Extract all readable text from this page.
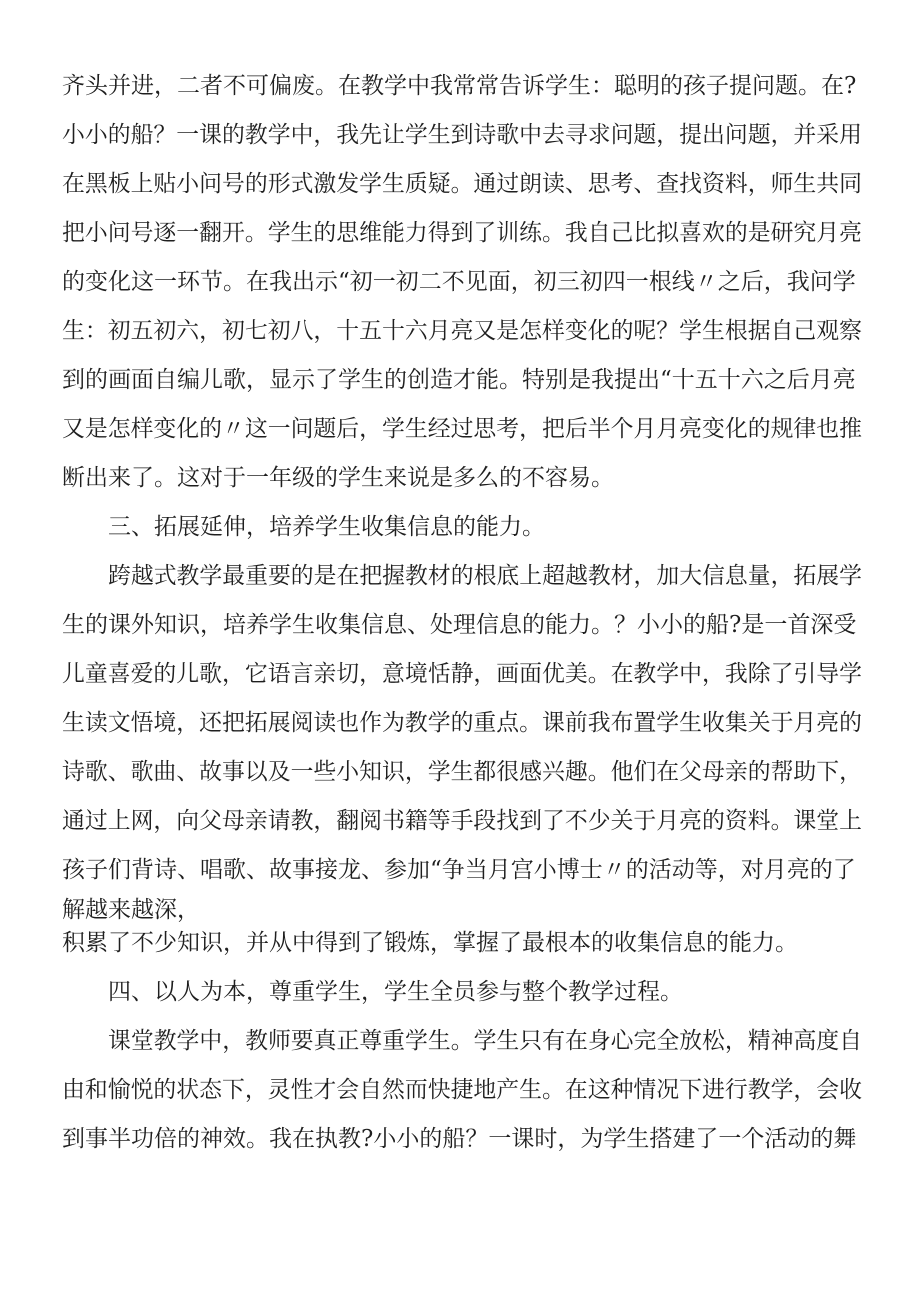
齐头并进，二者不可偏废。在教学中我常常告诉学生：聪明的孩子提问题。在?
小小的船？一课的教学中，我先让学生到诗歌中去寻求问题，提出问题，并采用
在黑板上贴小问号的形式激发学生质疑。通过朗读、思考、查找资料，师生共同
把小问号逐一翻开。学生的思维能力得到了训练。我自己比拟喜欢的是研究月亮
的变化这一环节。在我出示“初一初二不见面，初三初四一根线〃之后，我问学
生：初五初六，初七初八，十五十六月亮又是怎样变化的呢？学生根据自己观察
到的画面自编儿歌，显示了学生的创造才能。特别是我提出“十五十六之后月亮
又是怎样变化的〃这一问题后，学生经过思考，把后半个月月亮变化的规律也推
断出来了。这对于一年级的学生来说是多么的不容易。
三、拓展延伸，培养学生收集信息的能力。
跨越式教学最重要的是在把握教材的根底上超越教材，加大信息量，拓展学
生的课外知识，培养学生收集信息、处理信息的能力。？小小的船?是一首深受
儿童喜爱的儿歌，它语言亲切，意境恬静，画面优美。在教学中，我除了引导学
生读文悟境，还把拓展阅读也作为教学的重点。课前我布置学生收集关于月亮的
诗歌、歌曲、故事以及一些小知识，学生都很感兴趣。他们在父母亲的帮助下，
通过上网，向父母亲请教，翻阅书籍等手段找到了不少关于月亮的资料。课堂上
孩子们背诗、唱歌、故事接龙、参加“争当月宫小博士〃的活动等，对月亮的了
解越来越深，
积累了不少知识，并从中得到了锻炼，掌握了最根本的收集信息的能力。
四、以人为本，尊重学生，学生全员参与整个教学过程。
课堂教学中，教师要真正尊重学生。学生只有在身心完全放松，精神高度自
由和愉悦的状态下，灵性才会自然而快捷地产生。在这种情况下进行教学，会收
到事半功倍的神效。我在执教?小小的船？一课时，为学生搭建了一个活动的舞
